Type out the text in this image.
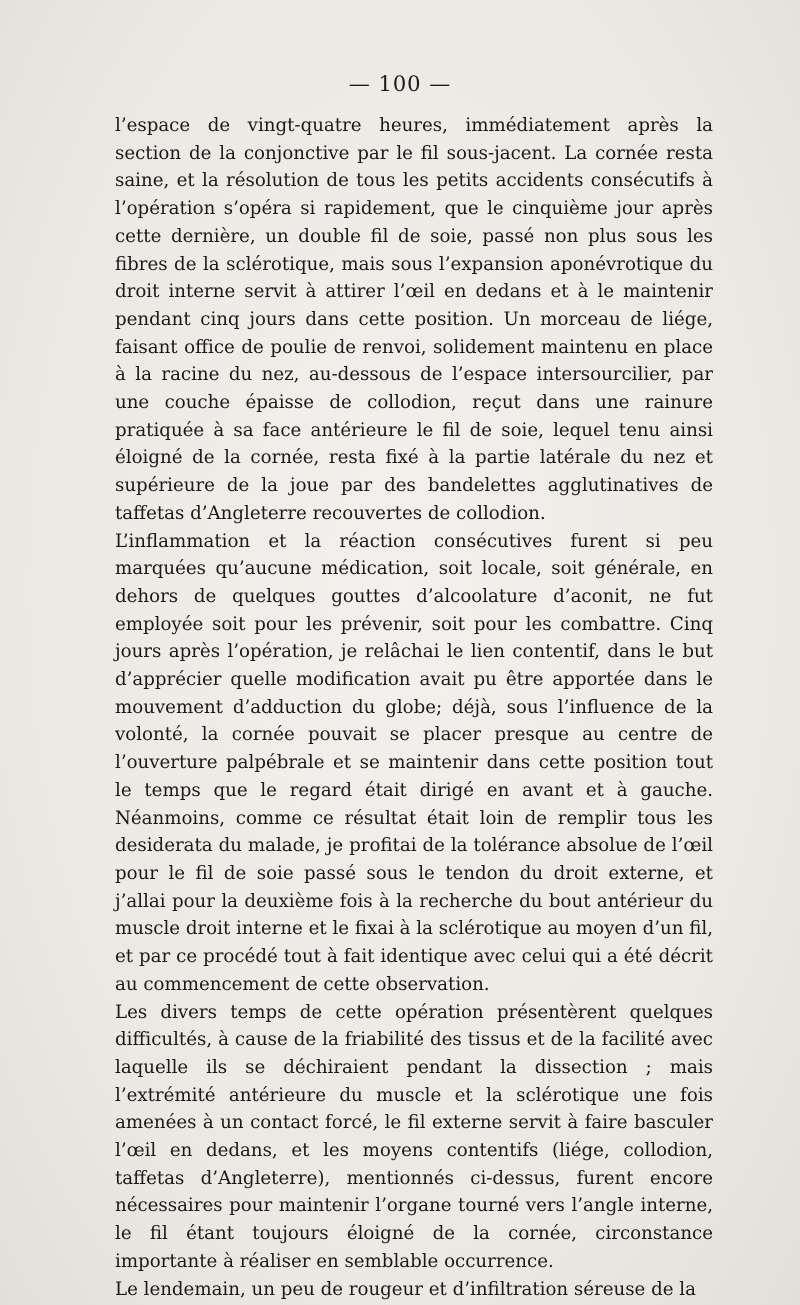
— 100 —

l’espace de vingt-quatre heures, immédiatement après la section de la conjonctive par le fil sous-jacent. La cornée resta saine, et la résolution de tous les petits accidents consécutifs à l’opération s’opéra si rapidement, que le cinquième jour après cette dernière, un double fil de soie, passé non plus sous les fibres de la sclérotique, mais sous l’expansion aponévrotique du droit interne servit à attirer l’œil en dedans et à le maintenir pendant cinq jours dans cette position. Un morceau de liége, faisant office de poulie de renvoi, solidement maintenu en place à la racine du nez, au-dessous de l’espace intersourcilier, par une couche épaisse de collodion, reçut dans une rainure pratiquée à sa face antérieure le fil de soie, lequel tenu ainsi éloigné de la cornée, resta fixé à la partie latérale du nez et supérieure de la joue par des bandelettes agglutinatives de taffetas d’Angleterre recouvertes de collodion.

L’inflammation et la réaction consécutives furent si peu marquées qu’aucune médication, soit locale, soit générale, en dehors de quelques gouttes d’alcoolature d’aconit, ne fut employée soit pour les prévenir, soit pour les combattre. Cinq jours après l’opération, je relâchai le lien contentif, dans le but d’apprécier quelle modification avait pu être apportée dans le mouvement d’adduction du globe; déjà, sous l’influence de la volonté, la cornée pouvait se placer presque au centre de l’ouverture palpébrale et se maintenir dans cette position tout le temps que le regard était dirigé en avant et à gauche. Néanmoins, comme ce résultat était loin de remplir tous les desiderata du malade, je profitai de la tolérance absolue de l’œil pour le fil de soie passé sous le tendon du droit externe, et j’allai pour la deuxième fois à la recherche du bout antérieur du muscle droit interne et le fixai à la sclérotique au moyen d’un fil, et par ce procédé tout à fait identique avec celui qui a été décrit au commencement de cette observation.

Les divers temps de cette opération présentèrent quelques difficultés, à cause de la friabilité des tissus et de la facilité avec laquelle ils se déchiraient pendant la dissection ; mais l’extrémité antérieure du muscle et la sclérotique une fois amenées à un contact forcé, le fil externe servit à faire basculer l’œil en dedans, et les moyens contentifs (liége, collodion, taffetas d’Angleterre), mentionnés ci-dessus, furent encore nécessaires pour maintenir l’organe tourné vers l’angle interne, le fil étant toujours éloigné de la cornée, circonstance importante à réaliser en semblable occurrence.

Le lendemain, un peu de rougeur et d’infiltration séreuse de la
